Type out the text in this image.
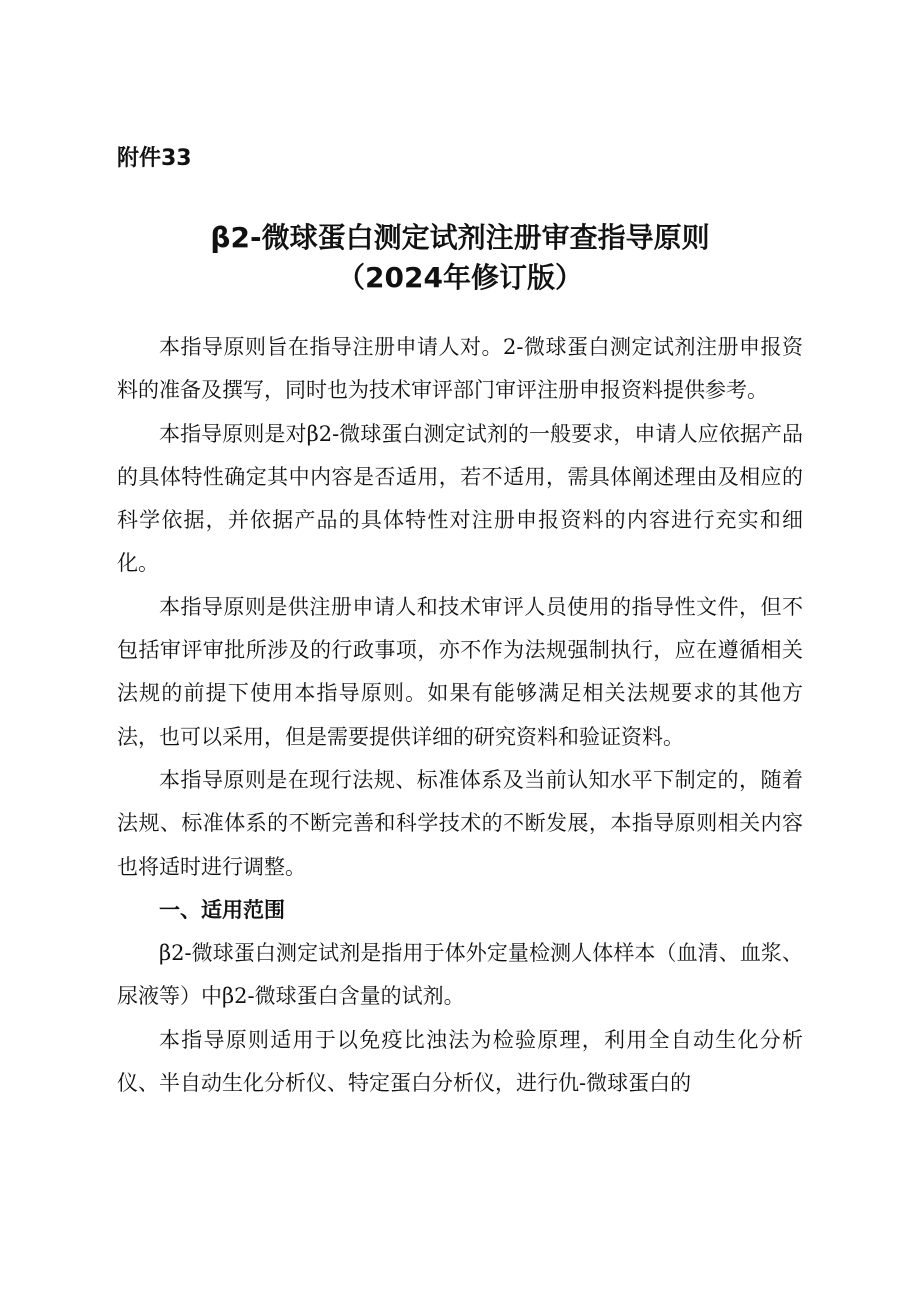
附件33
β2-微球蛋白测定试剂注册审查指导原则
（2024年修订版）

本指导原则旨在指导注册申请人对。2-微球蛋白测定试剂注册申报资料的准备及撰写，同时也为技术审评部门审评注册申报资料提供参考。

本指导原则是对β2-微球蛋白测定试剂的一般要求，申请人应依据产品的具体特性确定其中内容是否适用，若不适用，需具体阐述理由及相应的科学依据，并依据产品的具体特性对注册申报资料的内容进行充实和细化。

本指导原则是供注册申请人和技术审评人员使用的指导性文件，但不包括审评审批所涉及的行政事项，亦不作为法规强制执行，应在遵循相关法规的前提下使用本指导原则。如果有能够满足相关法规要求的其他方法，也可以采用，但是需要提供详细的研究资料和验证资料。

本指导原则是在现行法规、标准体系及当前认知水平下制定的，随着法规、标准体系的不断完善和科学技术的不断发展，本指导原则相关内容也将适时进行调整。

一、适用范围

β2-微球蛋白测定试剂是指用于体外定量检测人体样本（血清、血浆、尿液等）中β2-微球蛋白含量的试剂。

本指导原则适用于以免疫比浊法为检验原理，利用全自动生化分析仪、半自动生化分析仪、特定蛋白分析仪，进行仇-微球蛋白的
